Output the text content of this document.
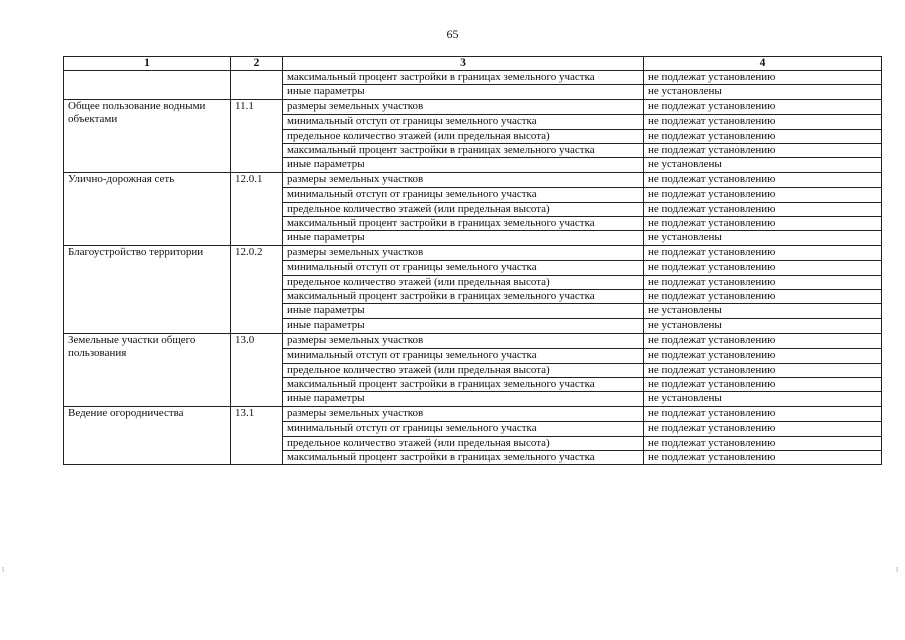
65
1	2	3	4
		максимальный процент застройки в границах земельного участка	не подлежат установлению
		иные параметры	не установлены
Общее пользование водными объектами	11.1	размеры земельных участков	не подлежат установлению
		минимальный отступ от границы земельного участка	не подлежат установлению
		предельное количество этажей (или предельная высота)	не подлежат установлению
		максимальный процент застройки в границах земельного участка	не подлежат установлению
		иные параметры	не установлены
Улично-дорожная сеть	12.0.1	размеры земельных участков	не подлежат установлению
		минимальный отступ от границы земельного участка	не подлежат установлению
		предельное количество этажей (или предельная высота)	не подлежат установлению
		максимальный процент застройки в границах земельного участка	не подлежат установлению
		иные параметры	не установлены
Благоустройство территории	12.0.2	размеры земельных участков	не подлежат установлению
		минимальный отступ от границы земельного участка	не подлежат установлению
		предельное количество этажей (или предельная высота)	не подлежат установлению
		максимальный процент застройки в границах земельного участка	не подлежат установлению
		иные параметры	не установлены
		иные параметры	не установлены
Земельные участки общего пользования	13.0	размеры земельных участков	не подлежат установлению
		минимальный отступ от границы земельного участка	не подлежат установлению
		предельное количество этажей (или предельная высота)	не подлежат установлению
		максимальный процент застройки в границах земельного участка	не подлежат установлению
		иные параметры	не установлены
Ведение огородничества	13.1	размеры земельных участков	не подлежат установлению
		минимальный отступ от границы земельного участка	не подлежат установлению
		предельное количество этажей (или предельная высота)	не подлежат установлению
		максимальный процент застройки в границах земельного участка	не подлежат установлению
⁝	⁝
